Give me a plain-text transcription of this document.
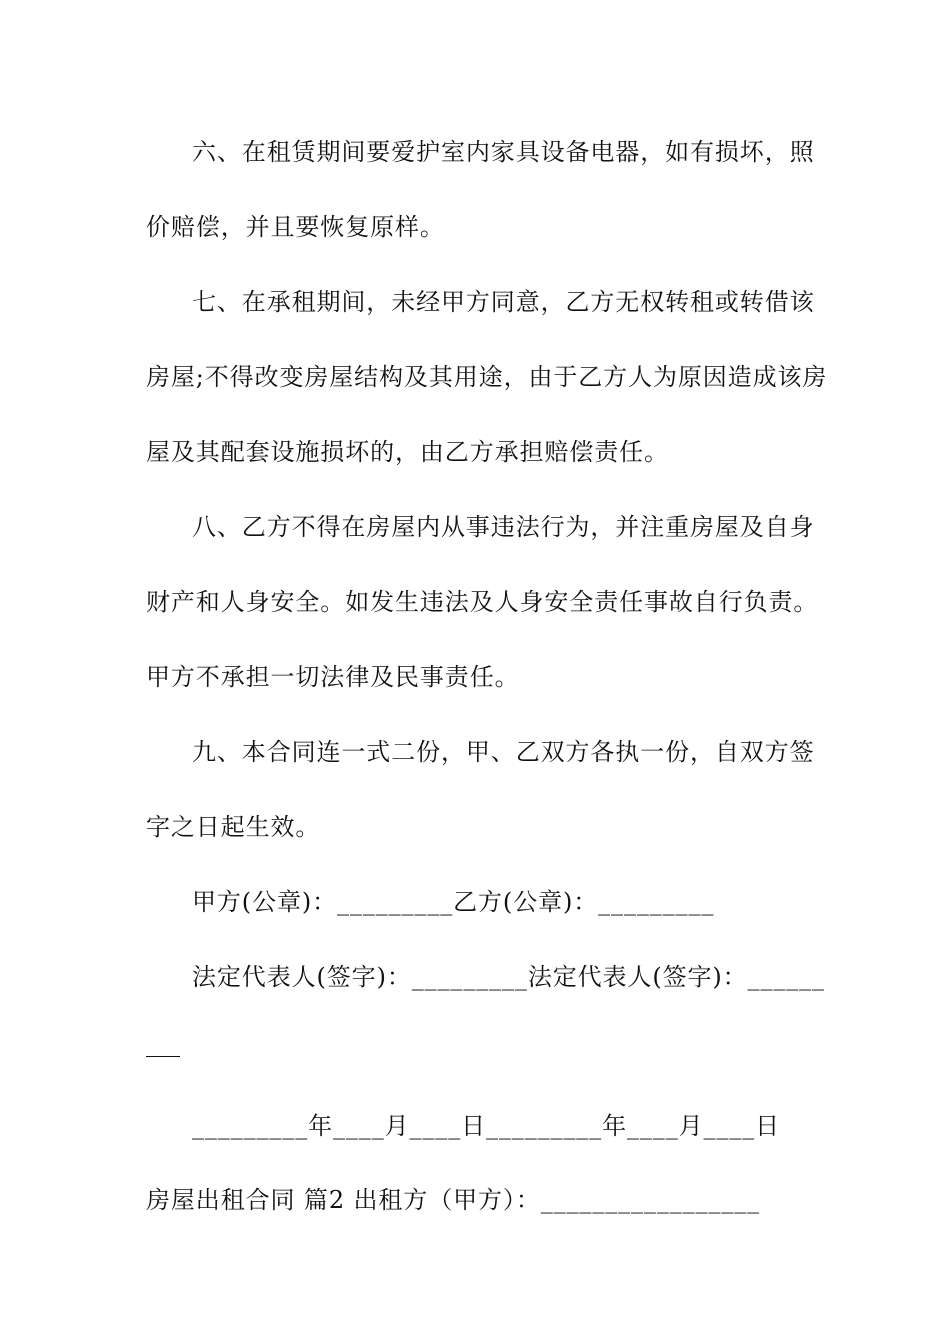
六、在租赁期间要爱护室内家具设备电器，如有损坏，照
价赔偿，并且要恢复原样。
七、在承租期间，未经甲方同意，乙方无权转租或转借该
房屋;不得改变房屋结构及其用途，由于乙方人为原因造成该房
屋及其配套设施损坏的，由乙方承担赔偿责任。
八、乙方不得在房屋内从事违法行为，并注重房屋及自身
财产和人身安全。如发生违法及人身安全责任事故自行负责。
甲方不承担一切法律及民事责任。
九、本合同连一式二份，甲、乙双方各执一份，自双方签
字之日起生效。
甲方(公章)：_________乙方(公章)：_________
法定代表人(签字)：_________法定代表人(签字)：______
_________年____月____日_________年____月____日
房屋出租合同 篇2 出租方（甲方）：_________________
